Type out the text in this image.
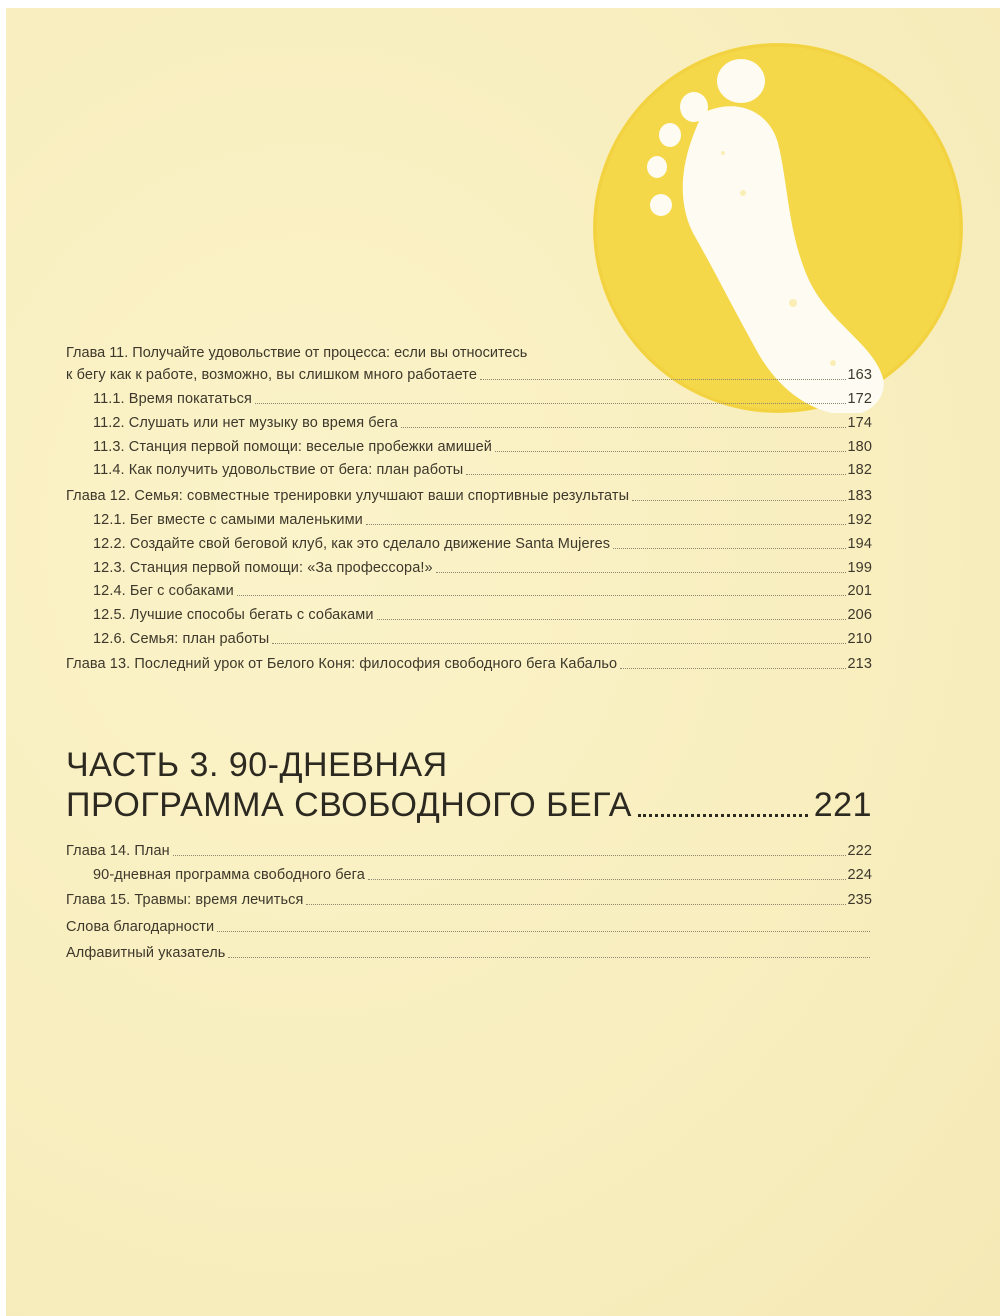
Глава 11. Получайте удовольствие от процесса: если вы относитесь
к бегу как к работе, возможно, вы слишком много работаете	163
11.1. Время покататься	172
11.2. Слушать или нет музыку во время бега	174
11.3. Станция первой помощи: веселые пробежки амишей	180
11.4. Как получить удовольствие от бега: план работы	182
Глава 12. Семья: совместные тренировки улучшают ваши спортивные результаты	183
12.1. Бег вместе с самыми маленькими	192
12.2. Создайте свой беговой клуб, как это сделало движение Santa Mujeres	194
12.3. Станция первой помощи: «За профессора!»	199
12.4. Бег с собаками	201
12.5. Лучшие способы бегать с собаками	206
12.6. Семья: план работы	210
Глава 13. Последний урок от Белого Коня: философия свободного бега Кабальо	213
ЧАСТЬ 3. 90-ДНЕВНАЯ
ПРОГРАММА СВОБОДНОГО БЕГА	221
Глава 14. План	222
90-дневная программа свободного бега	224
Глава 15. Травмы: время лечиться	235
Слова благодарности
Алфавитный указатель
